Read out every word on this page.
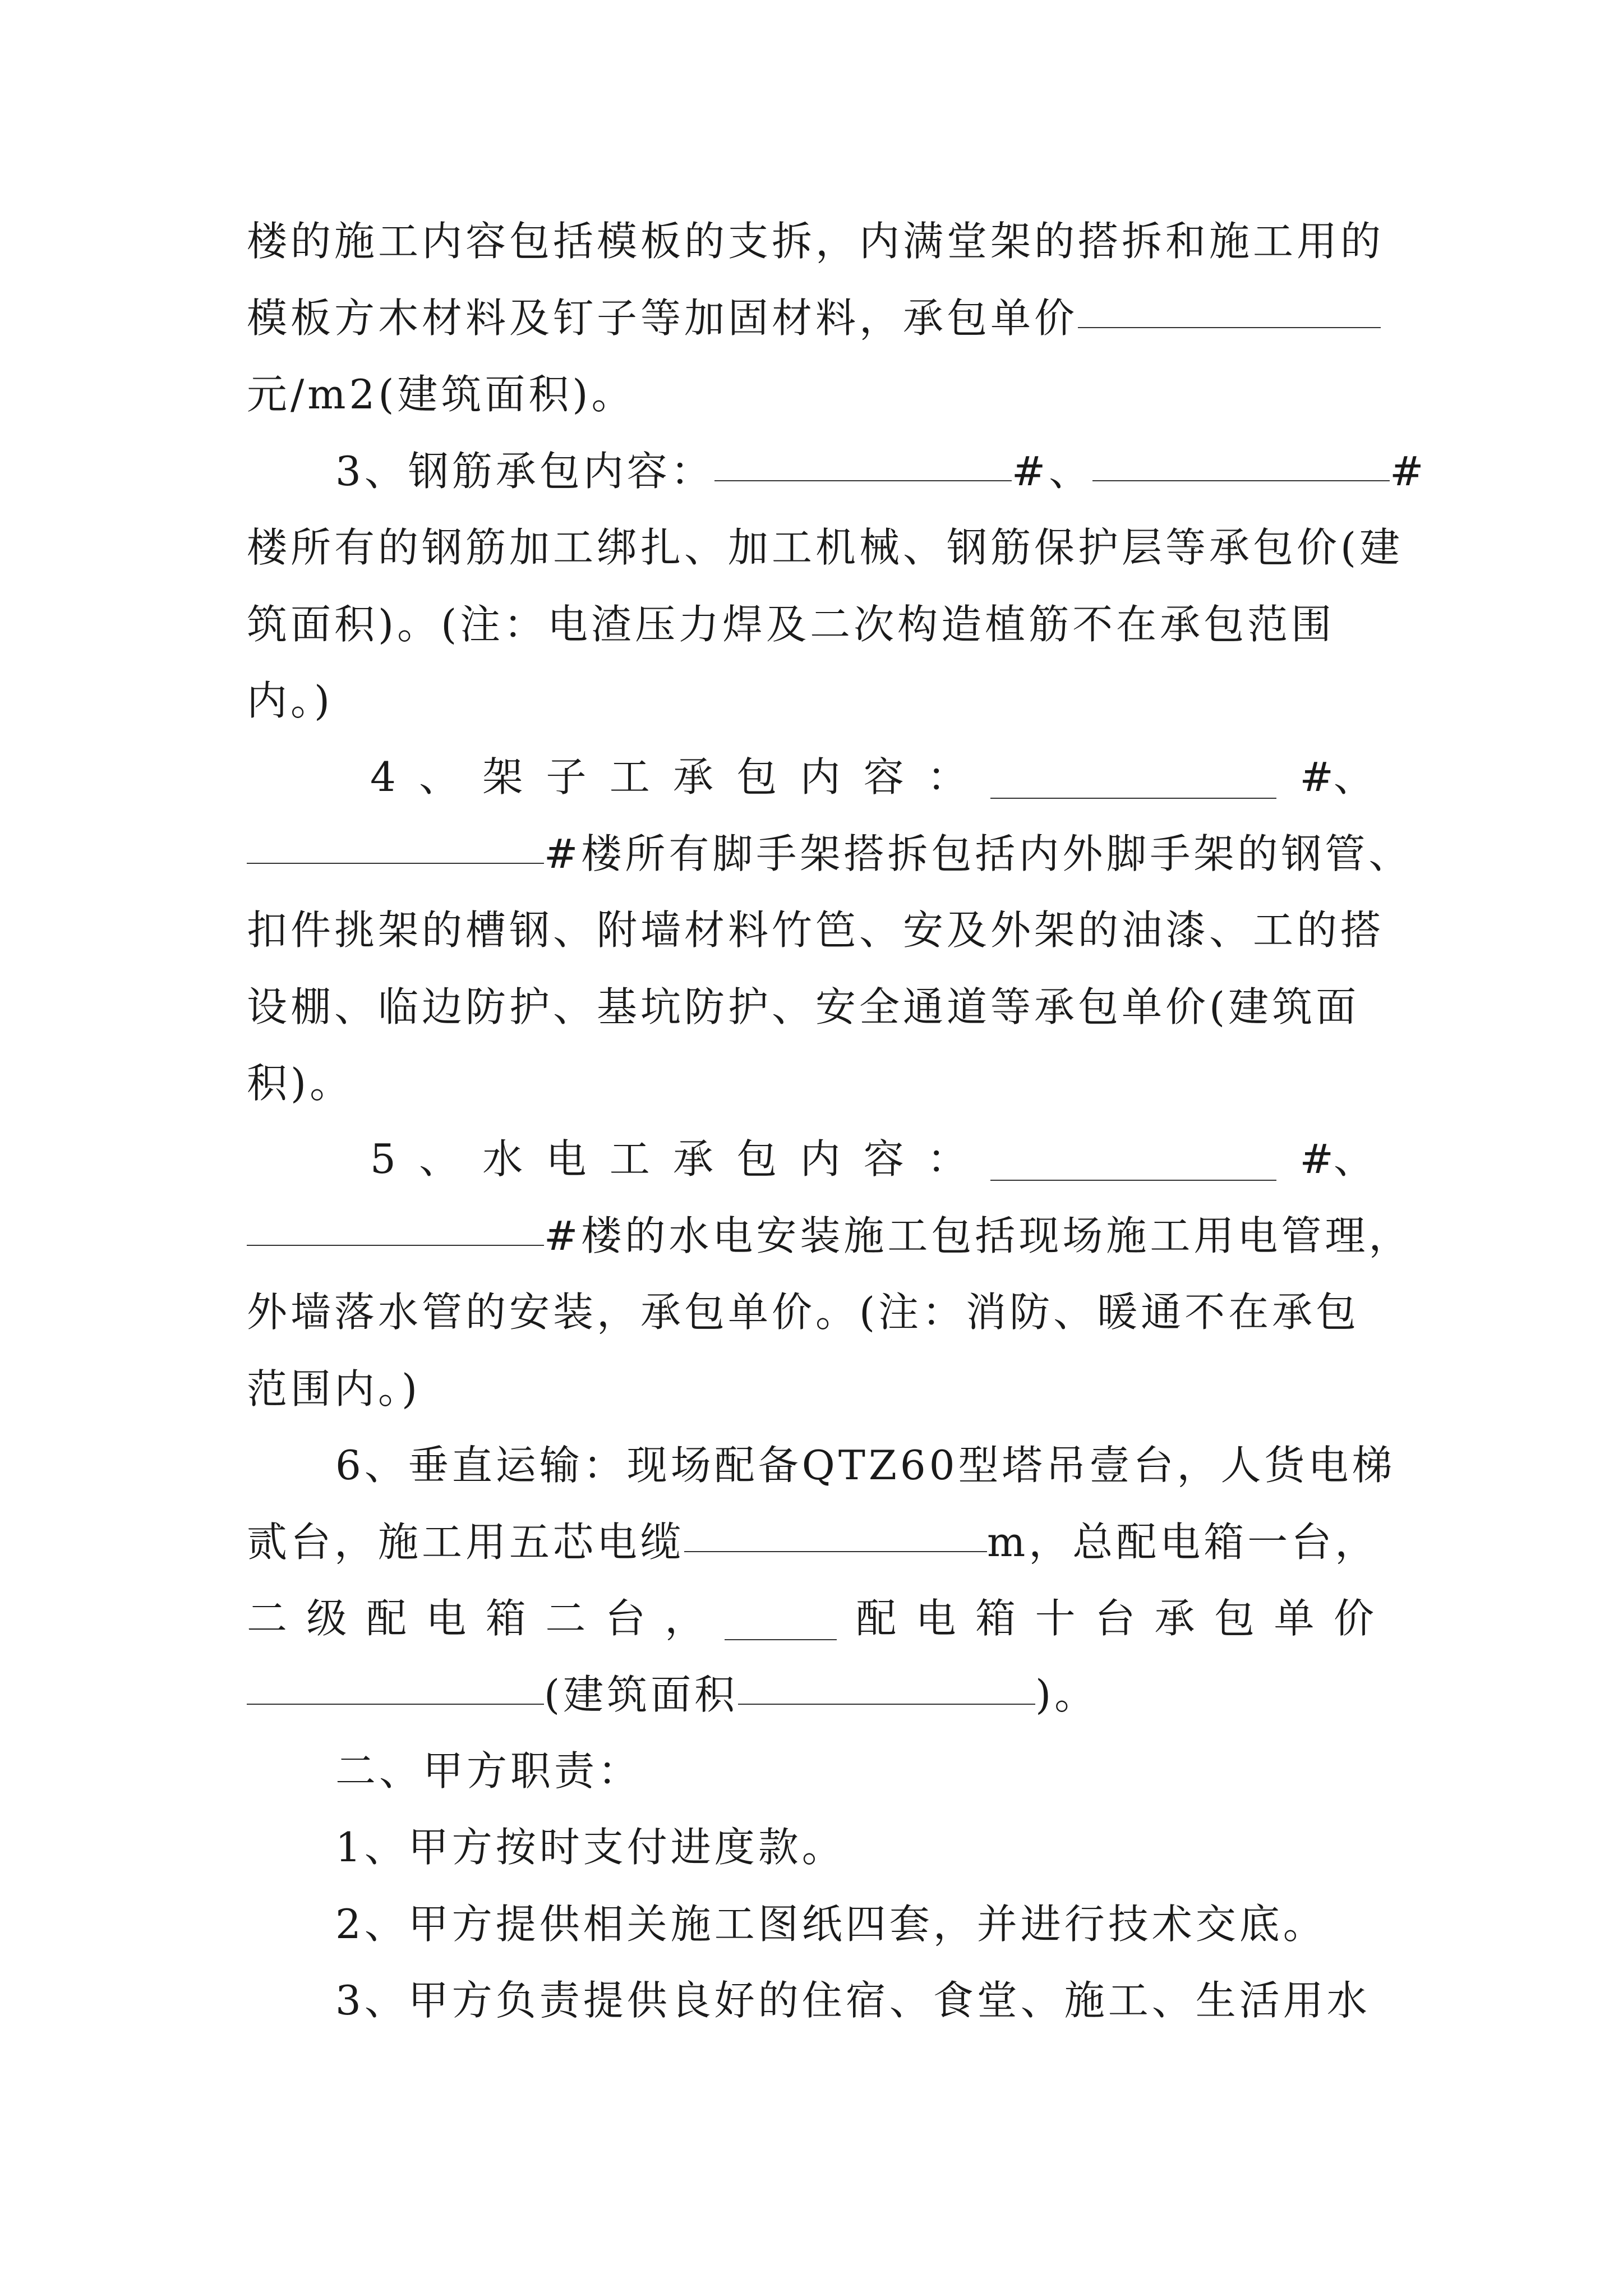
楼的施工内容包括模板的支拆，内满堂架的搭拆和施工用的
模板方木材料及钉子等加固材料，承包单价
元/m2(建筑面积)。
3、钢筋承包内容：	#、	#
楼所有的钢筋加工绑扎、加工机械、钢筋保护层等承包价(建
筑面积)。(注：电渣压力焊及二次构造植筋不在承包范围
内。)
4 、 架 子 工 承 包 内 容 ：	#、
#楼所有脚手架搭拆包括内外脚手架的钢管、
扣件挑架的槽钢、附墙材料竹笆、安及外架的油漆、工的搭
设棚、临边防护、基坑防护、安全通道等承包单价(建筑面
积)。
5 、 水 电 工 承 包 内 容 ：	#、
#楼的水电安装施工包括现场施工用电管理，
外墙落水管的安装，承包单价。(注：消防、暖通不在承包
范围内。)
6、垂直运输：现场配备QTZ60型塔吊壹台，人货电梯
贰台，施工用五芯电缆	m，总配电箱一台，
二 级 配 电 箱 二 台 ，	配 电 箱 十 台 承 包 单 价
(建筑面积	)。
二、甲方职责：
1、甲方按时支付进度款。
2、甲方提供相关施工图纸四套，并进行技术交底。
3、甲方负责提供良好的住宿、食堂、施工、生活用水
